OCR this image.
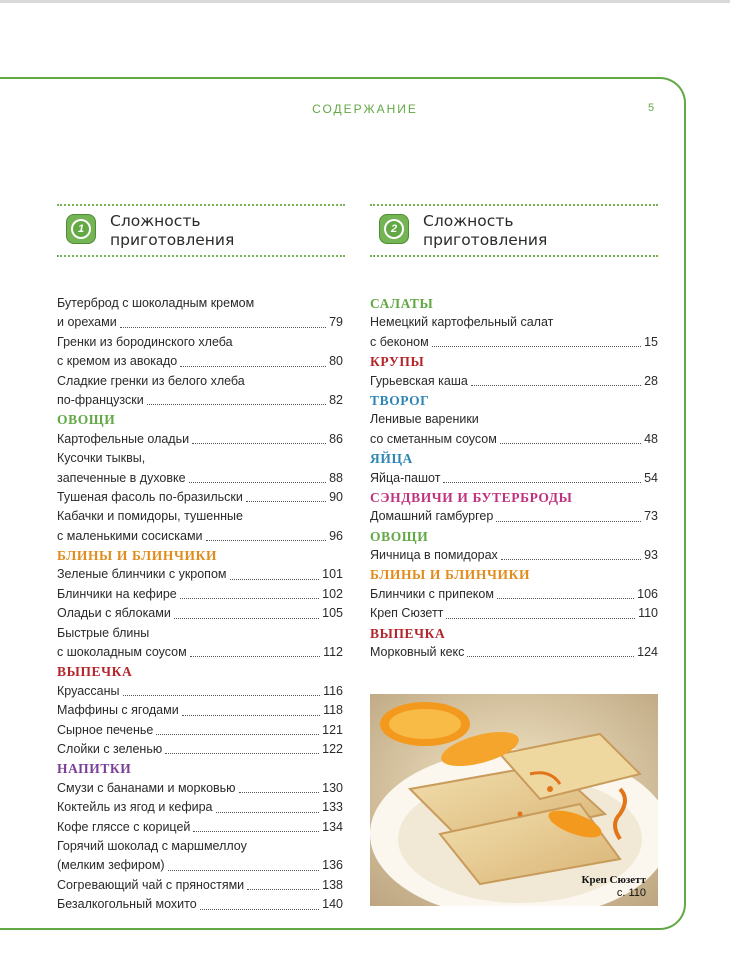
СОДЕРЖАНИЕ	5
1	Сложность
приготовления
2	Сложность
приготовления
Бутерброд с шоколадным кремом
и орехами	79
Гренки из бородинского хлеба
с кремом из авокадо	80
Сладкие гренки из белого хлеба
по-французски	82
ОВОЩИ
Картофельные оладьи	86
Кусочки тыквы,
запеченные в духовке	88
Тушеная фасоль по-бразильски	90
Кабачки и помидоры, тушенные
с маленькими сосисками	96
БЛИНЫ И БЛИНЧИКИ
Зеленые блинчики с укропом	101
Блинчики на кефире	102
Оладьи с яблоками	105
Быстрые блины
с шоколадным соусом	112
ВЫПЕЧКА
Круассаны	116
Маффины с ягодами	118
Сырное печенье	121
Слойки с зеленью	122
НАПИТКИ
Смузи с бананами и морковью	130
Коктейль из ягод и кефира	133
Кофе гляссе с корицей	134
Горячий шоколад с маршмеллоу
(мелким зефиром)	136
Согревающий чай с пряностями	138
Безалкогольный мохито	140
САЛАТЫ
Немецкий картофельный салат
с беконом	15
КРУПЫ
Гурьевская каша	28
ТВОРОГ
Ленивые вареники
со сметанным соусом	48
ЯЙЦА
Яйца-пашот	54
СЭНДВИЧИ И БУТЕРБРОДЫ
Домашний гамбургер	73
ОВОЩИ
Яичница в помидорах	93
БЛИНЫ И БЛИНЧИКИ
Блинчики с припеком	106
Креп Сюзетт	110
ВЫПЕЧКА
Морковный кекс	124
Креп Сюзетт
с. 110
